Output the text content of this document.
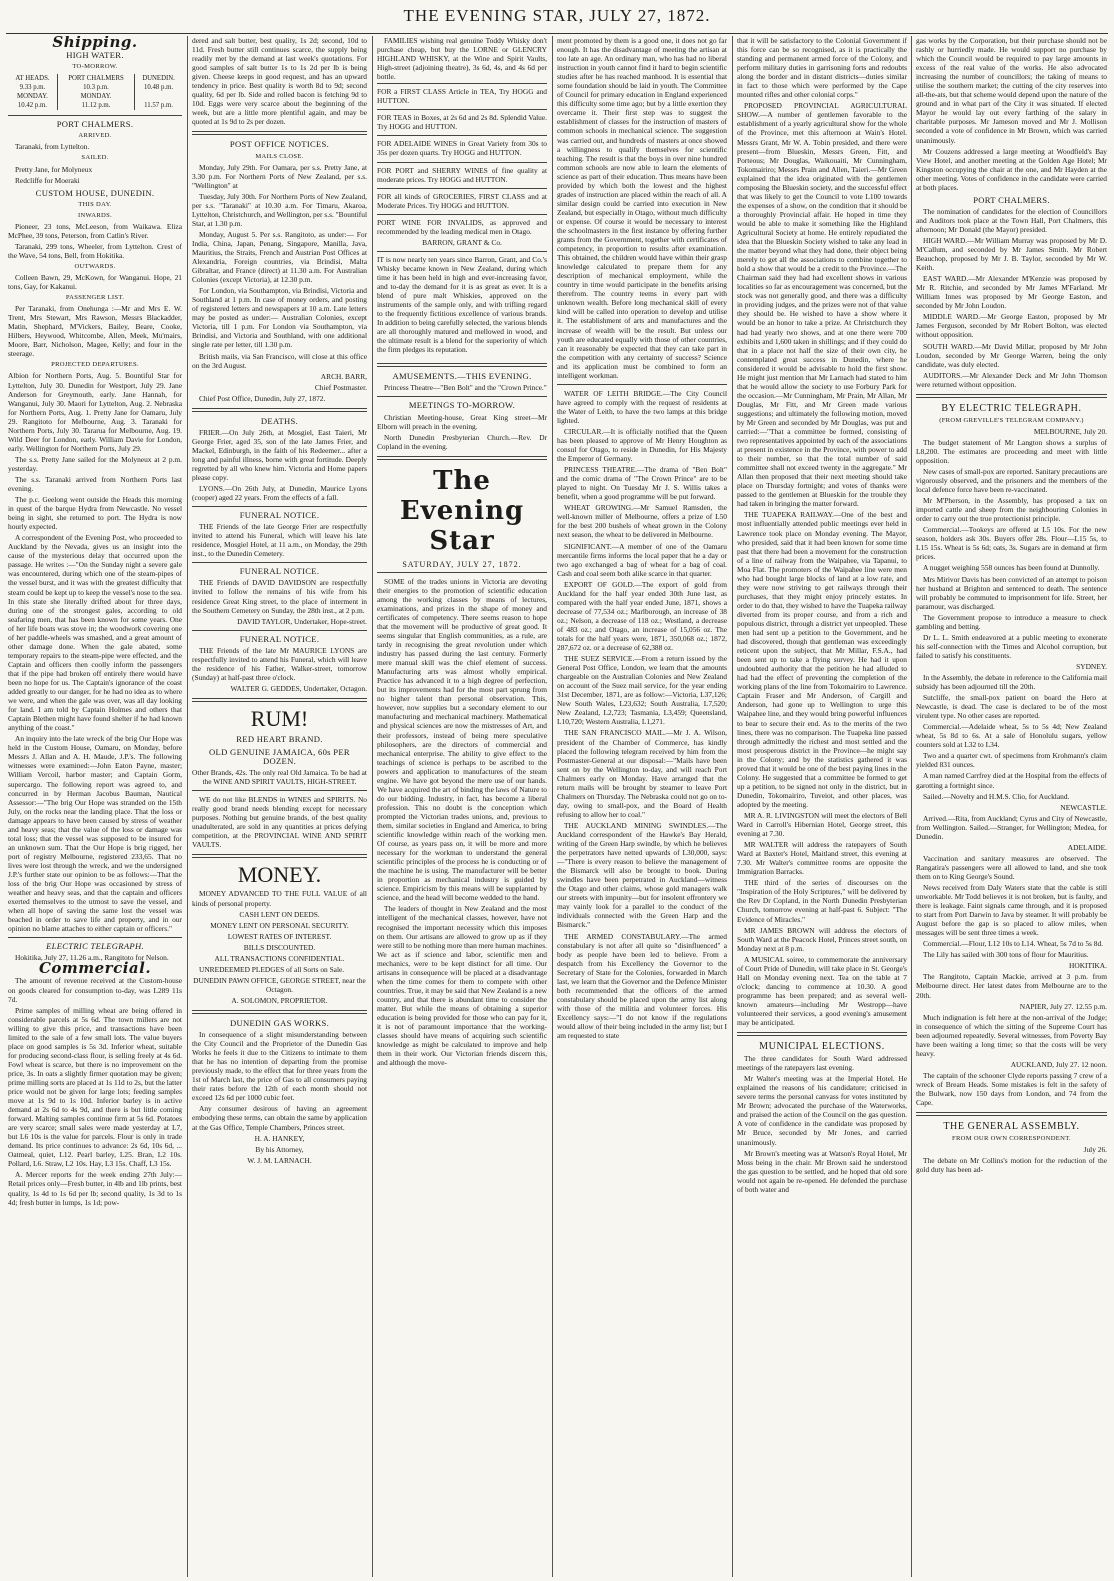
THE EVENING STAR, JULY 27, 1872.
Shipping.
HIGH WATER.
TO-MORROW.
AT HEADS.	PORT CHALMERS	DUNEDIN.
9.33 p.m.	10.3 p.m.	10.48 p.m.
MONDAY.	MONDAY.	
10.42 p.m.	11.12 p.m.	11.57 p.m.
PORT CHALMERS.
ARRIVED.

Taranaki, from Lyttelton.

SAILED.

Pretty Jane, for Molyneux

Redcliffe for Moeraki

CUSTOM HOUSE, DUNEDIN.
THIS DAY.
INWARDS.

Pioneer, 23 tons, McLeeson, from Waikawa. Eliza McPhee, 39 tons, Peterson, from Catlin's River.

Taranaki, 299 tons, Wheeler, from Lyttelton. Crest of the Wave, 54 tons, Bell, from Hokitika.

OUTWARDS.

Colleen Bawn, 29, McKown, for Wanganui. Hope, 21 tons, Gay, for Kakanui.

PASSENGER LIST.

Per Taranaki, from Onehunga :—Mr and Mrs E. W. Trent, Mrs Stewart, Mrs Rawson, Messrs Blackadder, Matin, Shephard, M'Vickers, Bailey, Beare, Cooke, Hilbers, Heywood, Whitcombe, Allen, Meek, Mu'mairs, Moore, Barr, Nicholson, Magee, Kelly; and four in the steerage.

PROJECTED DEPARTURES.

Albion for Northern Ports, Aug. 5. Bountiful Star for Lyttelton, July 30. Dunedin for Westport, July 29. Jane Anderson for Greymouth, early. Jane Hannah, for Wanganui, July 30. Maori for Lyttelton, Aug. 2. Nebraska for Northern Ports, Aug. 1. Pretty Jane for Oamaru, July 29. Rangitoto for Melbourne, Aug. 3. Taranaki for Northern Ports, July 30. Tararua for Melbourne, Aug. 19. Wild Deer for London, early. William Davie for London, early. Wellington for Northern Ports, July 29.

The s.s. Pretty Jane sailed for the Molyneux at 2 p.m. yesterday.

The s.s. Taranaki arrived from Northern Ports last evening.

The p.c. Geelong went outside the Heads this morning in quest of the barque Hydra from Newcastle. No vessel being in sight, she returned to port. The Hydra is now hourly expected.

A correspondent of the Evening Post, who proceeded to Auckland by the Nevada, gives us an insight into the cause of the mysterious delay that occurred upon the passage. He writes :—"On the Sunday night a severe gale was encountered, during which one of the steam-pipes of the vessel burst, and it was with the greatest difficulty that steam could be kept up to keep the vessel's nose to the sea. In this state she literally drifted about for three days, during one of the strongest gales, according to old seafaring men, that has been known for some years. One of her life boats was stove in; the woodwork covering one of her paddle-wheels was smashed, and a great amount of other damage done. When the gale abated, some temporary repairs to the steam-pipe were effected, and the Captain and officers then coolly inform the passengers that if the pipe had broken off entirely there would have been no hope for us. The Captain's ignorance of the coast added greatly to our danger, for he had no idea as to where we were, and when the gale was over, was all day looking for land. I am told by Captain Holmes and others that Captain Blethen might have found shelter if he had known anything of the coast."

An inquiry into the late wreck of the brig Our Hope was held in the Custom House, Oamaru, on Monday, before Messrs J. Allan and A. H. Maude, J.P.'s. The following witnesses were examined:—John Eaton Payne, master; William Vercoil, harbor master; and Captain Gorm, supercargo. The following report was agreed to, and concurred in by Herman Jacobus Bauman, Nautical Assessor:—"The brig Our Hope was stranded on the 15th July, on the rocks near the landing place. That the loss or damage appears to have been caused by stress of weather and heavy seas; that the value of the loss or damage was total loss; that the vessel was supposed to be insured for an unknown sum. That the Our Hope is brig rigged, her port of registry Melbourne, registered 233,65. That no lives were lost through the wreck, and we the undersigned J.P.'s further state our opinion to be as follows:—That the loss of the brig Our Hope was occasioned by stress of weather and heavy seas, and that the captain and officers exerted themselves to the utmost to save the vessel, and when all hope of saving the same lost the vessel was beached in order to save life and property, and in our opinion no blame attaches to either captain or officers."

ELECTRIC TELEGRAPH.

Hokitika, July 27, 11.26 a.m., Rangitoto for Nelson.

Commercial.

The amount of revenue received at the Custom-house on goods cleared for consumption to-day, was L289 11s 7d.

Prime samples of milling wheat are being offered in considerable parcels at 5s 6d. The town millers are not willing to give this price, and transactions have been limited to the sale of a few small lots. The value buyers place on good samples is 5s 3d. Inferior wheat, suitable for producing second-class flour, is selling freely at 4s 6d. Fowl wheat is scarce, but there is no improvement on the price, 3s. In oats a slightly firmer quotation may be given; prime milling sorts are placed at 1s 11d to 2s, but the latter price would not be given for large lots; feeding samples move at 1s 9d to 1s 10d. Inferior barley is in active demand at 2s 6d to 4s 9d, and there is but little coming forward. Malting samples continue firm at 5s 6d. Potatoes are very scarce; small sales were made yesterday at L7, but L6 10s is the value for parcels. Flour is only in trade demand. Its price continues to advance: 2s 6d, 10s 6d, ... Oatmeal, quiet, L12. Pearl barley, L25. Bran, L2 10s. Pollard, L6. Straw, L2 10s. Hay, L3 15s. Chaff, L3 15s.

A. Mercer reports for the week ending 27th July:—Retail prices only—Fresh butter, in 4lb and 1lb prints, best quality, 1s 4d to 1s 6d per lb; second quality, 1s 3d to 1s 4d; fresh butter in lumps, 1s 1d; pow-

dered and salt butter, best quality, 1s 2d; second, 10d to 11d. Fresh butter still continues scarce, the supply being readily met by the demand at last week's quotations. For good samples of salt butter 1s to 1s 2d per lb is being given. Cheese keeps in good request, and has an upward tendency in price. Best quality is worth 8d to 9d; second quality, 6d per lb. Side and rolled bacon is fetching 9d to 10d. Eggs were very scarce about the beginning of the week, but are a little more plentiful again, and may be quoted at 1s 9d to 2s per dozen.

POST OFFICE NOTICES.
MAILS CLOSE.

Monday, July 29th. For Oamara, per s.s. Pretty Jane, at 3.30 p.m. For Northern Ports of New Zealand, per s.s. "Wellington" at

Tuesday, July 30th. For Northern Ports of New Zealand, per s.s. "Taranaki" at 10.30 a.m. For Timaru, Akaroa, Lyttelton, Christchurch, and Wellington, per s.s. "Bountiful Star, at 1.30 p.m.

Monday, August 5. Per s.s. Rangitoto, as under:— For India, China, Japan, Penang, Singapore, Manilla, Java, Mauritius, the Straits, French and Austrian Post Offices at Alexandria, Foreign countries, via Brindisi, Malta Gibraltar, and France (direct) at 11.30 a.m. For Australian Colonies (except Victoria), at 12.30 p.m.

For London, via Southampton, via Brindisi, Victoria and Southland at 1 p.m. In case of money orders, and posting of registered letters and newspapers at 10 a.m. Late letters may be posted as under:— Australian Colonies, except Victoria, till 1 p.m. For London via Southampton, via Brindisi, and Victoria and Southland, with one additional single rate per letter, till 1.30 p.m.

British mails, via San Francisco, will close at this office on the 3rd August.

ARCH. BARR,

Chief Postmaster.

Chief Post Office, Dunedin, July 27, 1872.

DEATHS.

FRIER.—On July 26th, at Mosgiel, East Taieri, Mr George Frier, aged 35, son of the late James Frier, and Mackel, Edinburgh, in the faith of his Redeemer... after a long and painful illness, borne with great fortitude. Deeply regretted by all who knew him. Victoria and Home papers please copy.

LYONS.—On 26th July, at Dunedin, Maurice Lyons (cooper) aged 22 years. From the effects of a fall.

FUNERAL NOTICE.

THE Friends of the late George Frier are respectfully invited to attend his Funeral, which will leave his late residence, Mosgiel Hotel, at 11 a.m., on Monday, the 29th inst., to the Dunedin Cemetery.

FUNERAL NOTICE.

THE Friends of DAVID DAVIDSON are respectfully invited to follow the remains of his wife from his residence Great King street, to the place of interment in the Southern Cemetery on Sunday, the 28th inst., at 2 p.m.

DAVID TAYLOR, Undertaker, Hope-street.

FUNERAL NOTICE.

THE Friends of the late Mr MAURICE LYONS are respectfully invited to attend his Funeral, which will leave the residence of his Father, Walker-street, tomorrow (Sunday) at half-past three o'clock.

WALTER G. GEDDES, Undertaker, Octagon.

RUM!
RED HEART BRAND.
OLD GENUINE JAMAICA, 60s PER DOZEN.

Other Brands, 42s. The only real Old Jamaica. To be had at the WINE AND SPIRIT VAULTS, HIGH-STREET.

WE do not like BLENDS in WINES and SPIRITS. No really good brand needs blending except for necessary purposes. Nothing but genuine brands, of the best quality unadulterated, are sold in any quantities at prices defying competition, at the PROVINCIAL WINE AND SPIRIT VAULTS.

MONEY.

MONEY ADVANCED TO THE FULL VALUE of all kinds of personal property.

CASH LENT ON DEEDS.

MONEY LENT ON PERSONAL SECURITY.

LOWEST RATES OF INTEREST.

BILLS DISCOUNTED.

ALL TRANSACTIONS CONFIDENTIAL.

UNREDEEMED PLEDGES of all Sorts on Sale.

DUNEDIN PAWN OFFICE, GEORGE STREET, near the Octagon.

A. SOLOMON, PROPRIETOR.

DUNEDIN GAS WORKS.

In consequence of a slight misunderstanding between the City Council and the Proprietor of the Dunedin Gas Works he feels it due to the Citizens to intimate to them that he has no intention of departing from the promise previously made, to the effect that for three years from the 1st of March last, the price of Gas to all consumers paying their rates before the 12th of each month should not exceed 12s 6d per 1000 cubic feet.

Any consumer desirous of having an agreement embodying these terms, can obtain the same by application at the Gas Office, Temple Chambers, Princes street.

H. A. HANKEY,

By his Attorney,

W. J. M. LARNACH.

FAMILIES wishing real genuine Toddy Whisky don't purchase cheap, but buy the LORNE or GLENCRY HIGHLAND WHISKY, at the Wine and Spirit Vaults, High-street (adjoining theatre), 3s 6d, 4s, and 4s 6d per bottle.

FOR a FIRST CLASS Article in TEA, Try HOGG and HUTTON.

FOR TEAS in Boxes, at 2s 6d and 2s 8d. Splendid Value. Try HOGG and HUTTON.

FOR ADELAIDE WINES in Great Variety from 30s to 35s per dozen quarts. Try HOGG and HUTTON.

FOR PORT and SHERRY WINES of fine quality at moderate prices. Try HOGG and HUTTON.

FOR all kinds of GROCERIES, FIRST CLASS and at Moderate Prices. Try HOGG and HUTTON.

PORT WINE FOR INVALIDS, as approved and recommended by the leading medical men in Otago.

BARRON, GRANT & Co.

IT is now nearly ten years since Barron, Grant, and Co.'s Whisky became known in New Zealand, during which time it has been held in high and ever-increasing favor, and to-day the demand for it is as great as ever. It is a blend of pure malt Whiskies, approved on the instruments of the sample only, and with trifling regard to the frequently fictitious excellence of various brands. In addition to being carefully selected, the various blends are all thoroughly matured and mellowed in wood, and the ultimate result is a blend for the superiority of which the firm pledges its reputation.

AMUSEMENTS.—THIS EVENING.

Princess Theatre—"Ben Bolt" and the "Crown Prince."

MEETINGS TO-MORROW.

Christian Meeting-house, Great King street—Mr Elborn will preach in the evening.

North Dunedin Presbyterian Church.—Rev. Dr Copland in the evening.

The Evening Star
SATURDAY, JULY 27, 1872.

SOME of the trades unions in Victoria are devoting their energies to the promotion of scientific education among the working classes by means of lectures, examinations, and prizes in the shape of money and certificates of competency. There seems reason to hope that the movement will be productive of great good. It seems singular that English communities, as a rule, are tardy in recognising the great revolution under which industry has passed during the last century. Formerly mere manual skill was the chief element of success. Manufacturing arts was almost wholly empirical. Practice has advanced it to a high degree of perfection, but its improvements had for the most part sprung from no higher talent than personal observation. This, however, now supplies but a secondary element to our manufacturing and mechanical machinery. Mathematical and physical sciences are now the mistresses of Art, and their professors, instead of being mere speculative philosophers, are the directors of commercial and mechanical enterprise. The ability to give effect to the teachings of science is perhaps to be ascribed to the powers and application to manufactures of the steam engine. We have got beyond the mere use of our hands. We have acquired the art of binding the laws of Nature to do our bidding. Industry, in fact, has become a liberal profession. This no doubt is the conception which prompted the Victorian trades unions, and, previous to them, similar societies in England and America, to bring scientific knowledge within reach of the working men. Of course, as years pass on, it will be more and more necessary for the workman to understand the general scientific principles of the process he is conducting or of the machine he is using. The manufacturer will be better in proportion as mechanical industry is guided by science. Empiricism by this means will be supplanted by science, and the head will become wedded to the hand.

The leaders of thought in New Zealand and the most intelligent of the mechanical classes, however, have not recognised the important necessity which this imposes on them. Our artisans are allowed to grow up as if they were still to be nothing more than mere human machines. We act as if science and labor, scientific men and mechanics, were to be kept distinct for all time. Our artisans in consequence will be placed at a disadvantage when the time comes for them to compete with other countries. True, it may be said that New Zealand is a new country, and that there is abundant time to consider the matter. But while the means of obtaining a superior education is being provided for those who can pay for it, it is not of paramount importance that the working-classes should have means of acquiring such scientific knowledge as might be calculated to improve and help them in their work. Our Victorian friends discern this, and although the move-

ment promoted by them is a good one, it does not go far enough. It has the disadvantage of meeting the artisan at too late an age. An ordinary man, who has had no liberal instruction in youth cannot find it hard to begin scientific studies after he has reached manhood. It is essential that some foundation should be laid in youth. The Committee of Council for primary education in England experienced this difficulty some time ago; but by a little exertion they overcame it. Their first step was to suggest the establishment of classes for the instruction of masters of common schools in mechanical science. The suggestion was carried out, and hundreds of masters at once showed a willingness to qualify themselves for scientific teaching. The result is that the boys in over nine hundred common schools are now able to learn the elements of science as part of their education. Thus means have been provided by which both the lowest and the highest grades of instruction are placed within the reach of all. A similar design could be carried into execution in New Zealand, but especially in Otago, without much difficulty or expense. Of course it would be necessary to interest the schoolmasters in the first instance by offering further grants from the Government, together with certificates of competency, in proportion to results after examination. This obtained, the children would have within their grasp knowledge calculated to prepare them for any description of mechanical employment, while the country in time would participate in the benefits arising therefrom. The country teems in every part with unknown wealth. Before long mechanical skill of every kind will be called into operation to develop and utilise it. The establishment of arts and manufactures and the increase of wealth will be the result. But unless our youth are educated equally with those of other countries, can it reasonably be expected that they can take part in the competition with any certainty of success? Science and its application must be combined to form an intelligent workman.

WATER OF LEITH BRIDGE.—The City Council have agreed to comply with the request of residents at the Water of Leith, to have the two lamps at this bridge lighted.

CIRCULAR.—It is officially notified that the Queen has been pleased to approve of Mr Henry Houghton as consul for Otago, to reside in Dunedin, for His Majesty the Emperor of Germany.

PRINCESS THEATRE.—The drama of "Ben Bolt" and the comic drama of "The Crown Prince" are to be played to night. On Tuesday Mr J. S. Willis takes a benefit, when a good programme will be put forward.

WHEAT GROWING.—Mr Samuel Ramsden, the well-known miller of Melbourne, offers a prize of L50 for the best 200 bushels of wheat grown in the Colony next season, the wheat to be delivered in Melbourne.

SIGNIFICANT.—A member of one of the Oamaru mercantile firms informs the local paper that he a day or two ago exchanged a bag of wheat for a bag of coal. Cash and coal seem both alike scarce in that quarter.

EXPORT OF GOLD.—The export of gold from Auckland for the half year ended 30th June last, as compared with the half year ended June, 1871, shows a decrease of 77,534 oz.; Marlborough, an increase of 38 oz.; Nelson, a decrease of 118 oz.; Westland, a decrease of 483 oz.; and Otago, an increase of 15,056 oz. The totals for the half years were, 1871, 350,068 oz.; 1872, 287,672 oz. or a decrease of 62,388 oz.

THE SUEZ SERVICE.—From a return issued by the General Post Office, London, we learn that the amounts chargeable on the Australian Colonies and New Zealand on account of the Suez mail service, for the year ending 31st December, 1871, are as follow:—Victoria, L37,126; New South Wales, L23,632; South Australia, L7,520; New Zealand, L2,723; Tasmania, L3,459; Queensland, L10,720; Western Australia, L1,271.

THE SAN FRANCISCO MAIL.—Mr J. A. Wilson, president of the Chamber of Commerce, has kindly placed the following telegram received by him from the Postmaster-General at our disposal:—"Mails have been sent on by the Wellington to-day, and will reach Port Chalmers early on Monday. Have arranged that the return mails will be brought by steamer to leave Port Chalmers on Thursday. The Nebraska could not go on to-day, owing to small-pox, and the Board of Health refusing to allow her to coal."

THE AUCKLAND MINING SWINDLES.—The Auckland correspondent of the Hawke's Bay Herald, writing of the Green Harp swindle, by which he believes the perpetrators have netted upwards of L30,000, says:—"There is every reason to believe the management of the Bismarck will also be brought to book. During swindles have been perpetrated in Auckland—witness the Otago and other claims, whose gold managers walk our streets with impunity—but for insolent effrontery we may vainly look for a parallel to the conduct of the individuals connected with the Green Harp and the Bismarck."

THE ARMED CONSTABULARY.—The armed constabulary is not after all quite so "disinfluenced" a body as people have been led to believe. From a despatch from his Excellency the Governor to the Secretary of State for the Colonies, forwarded in March last, we learn that the Governor and the Defence Minister both recommended that the officers of the armed constabulary should be placed upon the army list along with those of the militia and volunteer forces. His Excellency says:—"I do not know if the regulations would allow of their being included in the army list; but I am requested to state

that it will be satisfactory to the Colonial Government if this force can be so recognised, as it is practically the standing and permanent armed force of the Colony, and perform military duties in garrisoning forts and redoubts along the border and in distant districts—duties similar in fact to those which were performed by the Cape mounted rifles and other colonial corps."

PROPOSED PROVINCIAL AGRICULTURAL SHOW.—A number of gentlemen favorable to the establishment of a yearly agricultural show for the whole of the Province, met this afternoon at Wain's Hotel. Messrs Grant, Mr W. A. Tobin presided, and there were present—from Blueskin, Messrs Green, Fitt, and Porteous; Mr Douglas, Waikouaiti, Mr Cunningham, Tokomairiro; Messrs Prain and Allen, Taieri.—Mr Green explained that the idea originated with the gentlemen composing the Blueskin society, and the successful effect that was likely to get the Council to vote L100 towards the expenses of a show, on the condition that it should be a thoroughly Provincial affair. He hoped in time they would be able to make it something like the Highland Agricultural Society at home. He entirely repudiated the idea that the Blueskin Society wished to take any lead in the matter beyond what they had done, their object being merely to get all the associations to combine together to hold a show that would be a credit to the Province.—The Chairman said they had had excellent shows in various localities so far as encouragement was concerned, but the stock was not generally good, and there was a difficulty in providing judges, and the prizes were not of that value they should be. He wished to have a show where it would be an honor to take a prize. At Christchurch they had had yearly two shows, and at one there were 700 exhibits and 1,600 taken in shillings; and if they could do that in a place not half the size of their own city, he contemplated great success in Dunedin, where he considered it would be advisable to hold the first show. He might just mention that Mr Larnach had stated to him that he would allow the society to use Forbury Park for the occasion.—Mr Cunningham, Mr Prain, Mr Allan, Mr Douglas, Mr Fitt, and Mr Green made various suggestions; and ultimately the following motion, moved by Mr Green and seconded by Mr Douglas, was put and carried:—"That a committee be formed, consisting of two representatives appointed by each of the associations at present in existence in the Province, with power to add to their number, so that the total number of said committee shall not exceed twenty in the aggregate." Mr Allan then proposed that their next meeting should take place on Thursday fortnight; and votes of thanks were passed to the gentlemen at Blueskin for the trouble they had taken in bringing the matter forward.

THE TUAPEKA RAILWAY.—One of the best and most influentially attended public meetings ever held in Lawrence took place on Monday evening. The Mayor, who presided, said that it had been known for some time past that there had been a movement for the construction of a line of railway from the Waipahee, via Tapanui, to Moa Flat. The promoters of the Waipahee line were men who had bought large blocks of land at a low rate, and they were now striving to get railways through their purchases, that they might enjoy princely estates. In order to do that, they wished to have the Tuapeka railway diverted from its proper course, and from a rich and populous district, through a district yet unpeopled. These men had sent up a petition to the Government, and he had discovered, though that gentleman was exceedingly reticent upon the subject, that Mr Millar, F.S.A., had been sent up to take a flying survey. He had it upon undoubted authority that the petition he had alluded to had had the effect of preventing the completion of the working plans of the line from Tokomairiro to Lawrence. Captain Fraser and Mr Anderson, of Cargill and Anderson, had gone up to Wellington to urge this Waipahee line, and they would bring powerful influences to bear to secure their end. As to the merits of the two lines, there was no comparison. The Tuapeka line passed through admittedly the richest and most settled and the most prosperous district in the Province—he might say in the Colony; and by the statistics gathered it was proved that it would be one of the best paying lines in the Colony. He suggested that a committee be formed to get up a petition, to be signed not only in the district, but in Dunedin, Tokomairiro, Tuveiot, and other places, was adopted by the meeting.

MR A. R. LIVINGSTON will meet the electors of Bell Ward in Carroll's Hibernian Hotel, George street, this evening at 7.30.

MR WALTER will address the ratepayers of South Ward at Baxter's Hotel, Maitland street, this evening at 7.30. Mr Walter's committee rooms are opposite the Immigration Barracks.

THE third of the series of discourses on the "Inspiration of the Holy Scriptures," will be delivered by the Rev Dr Copland, in the North Dunedin Presbyterian Church, tomorrow evening at half-past 6. Subject: "The Evidence of Miracles."

MR JAMES BROWN will address the electors of South Ward at the Peacock Hotel, Princes street south, on Monday next at 8 p.m.

A MUSICAL soiree, to commemorate the anniversary of Court Pride of Dunedin, will take place in St. George's Hall on Monday evening next. Tea on the table at 7 o'clock; dancing to commence at 10.30. A good programme has been prepared; and as several well-known amateurs—including Mr Westropp—have volunteered their services, a good evening's amusement may be anticipated.

MUNICIPAL ELECTIONS.

The three candidates for South Ward addressed meetings of the ratepayers last evening.

Mr Walter's meeting was at the Imperial Hotel. He explained the reasons of his candidature; criticised in severe terms the personal canvass for votes instituted by Mr Brown; advocated the purchase of the Waterworks, and praised the action of the Council on the gas question. A vote of confidence in the candidate was proposed by Mr Bruce, seconded by Mr Jones, and carried unanimously.

Mr Brown's meeting was at Watson's Royal Hotel, Mr Moss being in the chair. Mr Brown said he understood the gas question to be settled, and he hoped that old sore would not again be re-opened. He defended the purchase of both water and

gas works by the Corporation, but their purchase should not be rashly or hurriedly made. He would support no purchase by which the Council would be required to pay large amounts in excess of the real value of the works. He also advocated increasing the number of councillors; the taking of means to utilise the southern market; the cutting of the city reserves into all-the-ats, but that scheme would depend upon the nature of the ground and in what part of the City it was situated. If elected Mayor he would lay out every farthing of the salary in charitable purposes. Mr Jameson moved and Mr J. Mollison seconded a vote of confidence in Mr Brown, which was carried unanimously.

Mr Couzens addressed a large meeting at Woodfield's Bay View Hotel, and another meeting at the Golden Age Hotel; Mr Kingston occupying the chair at the one, and Mr Hayden at the other meeting. Votes of confidence in the candidate were carried at both places.

PORT CHALMERS.

The nomination of candidates for the election of Councillors and Auditors took place at the Town Hall, Port Chalmers, this afternoon; Mr Donald (the Mayor) presided.

HIGH WARD.—Mr William Murray was proposed by Mr D. M'Callum, and seconded by Mr James Smith. Mr Robert Beauchop, proposed by Mr J. B. Taylor, seconded by Mr W. Keith.

EAST WARD.—Mr Alexander M'Kenzie was proposed by Mr R. Ritchie, and seconded by Mr James M'Farland. Mr William Innes was proposed by Mr George Easton, and seconded by Mr John Loudon.

MIDDLE WARD.—Mr George Easton, proposed by Mr James Ferguson, seconded by Mr Robert Bolton, was elected without opposition.

SOUTH WARD.—Mr David Millar, proposed by Mr John Loudon, seconded by Mr George Warren, being the only candidate, was duly elected.

AUDITORS.—Mr Alexander Deck and Mr John Thomson were returned without opposition.

BY ELECTRIC TELEGRAPH.
(FROM GREVILLE'S TELEGRAM COMPANY.)

MELBOURNE, July 20.

The budget statement of Mr Langton shows a surplus of L8,200. The estimates are proceeding and meet with little opposition.

New cases of small-pox are reported. Sanitary precautions are vigorously observed, and the prisoners and the members of the local defence force have been re-vaccinated.

Mr M'Pherson, in the Assembly, has proposed a tax on imported cattle and sheep from the neighbouring Colonies in order to carry out the true protectionist principle.

Commercial.—Tookeys are offered at L5 10s. For the new season, holders ask 30s. Buyers offer 28s. Flour—L15 5s, to L15 15s. Wheat is 5s 6d; oats, 3s. Sugars are in demand at firm prices.

A nugget weighing 558 ounces has been found at Dunnolly.

Mrs Mirivor Davis has been convicted of an attempt to poison her husband at Brighton and sentenced to death. The sentence will probably be commuted to imprisonment for life. Street, her paramour, was discharged.

The Government propose to introduce a measure to check gambling and betting.

Dr L. L. Smith endeavored at a public meeting to exonerate his self-connection with the Times and Alcohol corruption, but failed to satisfy his constituents.

SYDNEY.

In the Assembly, the debate in reference to the California mail subsidy has been adjourned till the 20th.

Sutcliffe, the small-pox patient on board the Hero at Newcastle, is dead. The case is declared to be of the most virulent type. No other cases are reported.

Commercial.—Adelaide wheat, 5s to 5s 4d; New Zealand wheat, 5s 8d to 6s. At a sale of Honolulu sugars, yellow counters sold at L32 to L34.

Two and a quarter cwt. of specimens from Krohmann's claim yielded 831 ounces.

A man named Carrfrey died at the Hospital from the effects of garotting a fortnight since.

Sailed.—Novelty and H.M.S. Clio, for Auckland.

NEWCASTLE.

Arrived.—Rita, from Auckland; Cyrus and City of Newcastle, from Wellington. Sailed.—Stranger, for Wellington; Medea, for Dunedin.

ADELAIDE.

Vaccination and sanitary measures are observed. The Rangatira's passengers were all allowed to land, and she took them on to King George's Sound.

News received from Daly Waters state that the cable is still unworkable. Mr Todd believes it is not broken, but is faulty, and there is leakage. Faint signals came through, and it is proposed to start from Port Darwin to Java by steamer. It will probably be August before the gap is so placed to allow miles, when messages will be sent three times a week.

Commercial.—Flour, L12 10s to L14. Wheat, 5s 7d to 5s 8d.

The Lily has sailed with 300 tons of flour for Mauritius.

HOKITIKA.

The Rangitoto, Captain Mackie, arrived at 3 p.m. from Melbourne direct. Her latest dates from Melbourne are to the 20th.

NAPIER, July 27. 12.55 p.m.

Much indignation is felt here at the non-arrival of the Judge; in consequence of which the sitting of the Supreme Court has been adjourned repeatedly. Several witnesses, from Poverty Bay have been waiting a long time; so that the costs will be very heavy.

AUCKLAND, July 27. 12 noon.

The captain of the schooner Clyde reports passing 7 crew of a wreck of Bream Heads. Some mistakes is felt in the safety of the Bulwark, now 150 days from London, and 74 from the Cape.

THE GENERAL ASSEMBLY.
FROM OUR OWN CORRESPONDENT.

July 26.

The debate on Mr Collins's motion for the reduction of the gold duty has been ad-
